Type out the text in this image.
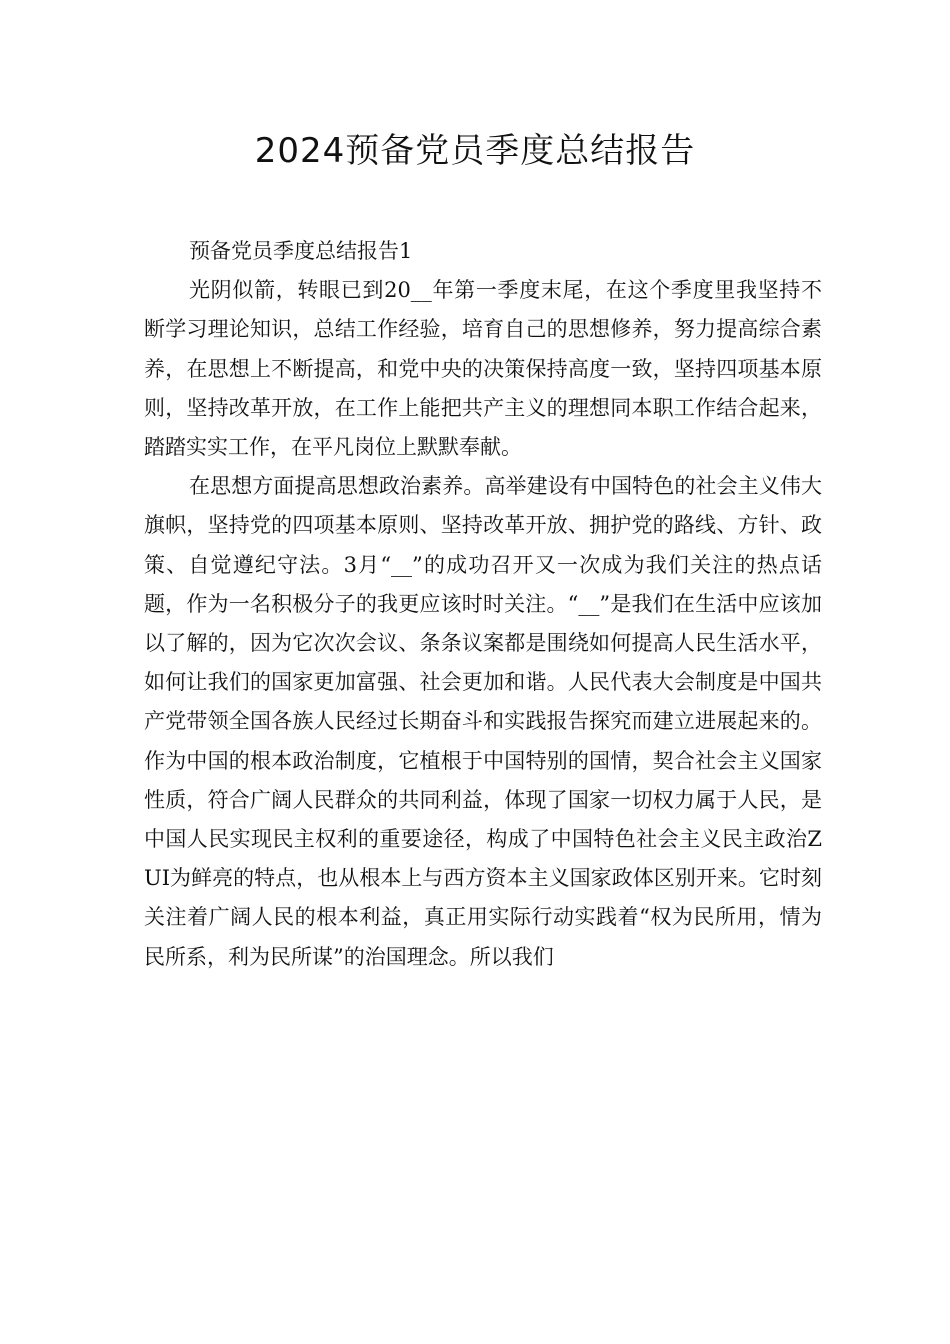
2024预备党员季度总结报告

预备党员季度总结报告1

光阴似箭，转眼已到20__年第一季度末尾，在这个季度里我坚持不断学习理论知识，总结工作经验，培育自己的思想修养，努力提高综合素养，在思想上不断提高，和党中央的决策保持高度一致，坚持四项基本原则，坚持改革开放，在工作上能把共产主义的理想同本职工作结合起来，踏踏实实工作，在平凡岗位上默默奉献。

在思想方面提高思想政治素养。高举建设有中国特色的社会主义伟大旗帜，坚持党的四项基本原则、坚持改革开放、拥护党的路线、方针、政策、自觉遵纪守法。3月“__”的成功召开又一次成为我们关注的热点话题，作为一名积极分子的我更应该时时关注。“__”是我们在生活中应该加以了解的，因为它次次会议、条条议案都是围绕如何提高人民生活水平，如何让我们的国家更加富强、社会更加和谐。人民代表大会制度是中国共产党带领全国各族人民经过长期奋斗和实践报告探究而建立进展起来的。作为中国的根本政治制度，它植根于中国特别的国情，契合社会主义国家性质，符合广阔人民群众的共同利益，体现了国家一切权力属于人民，是中国人民实现民主权利的重要途径，构成了中国特色社会主义民主政治ZUI为鲜亮的特点，也从根本上与西方资本主义国家政体区别开来。它时刻关注着广阔人民的根本利益，真正用实际行动实践着“权为民所用，情为民所系，利为民所谋”的治国理念。所以我们
